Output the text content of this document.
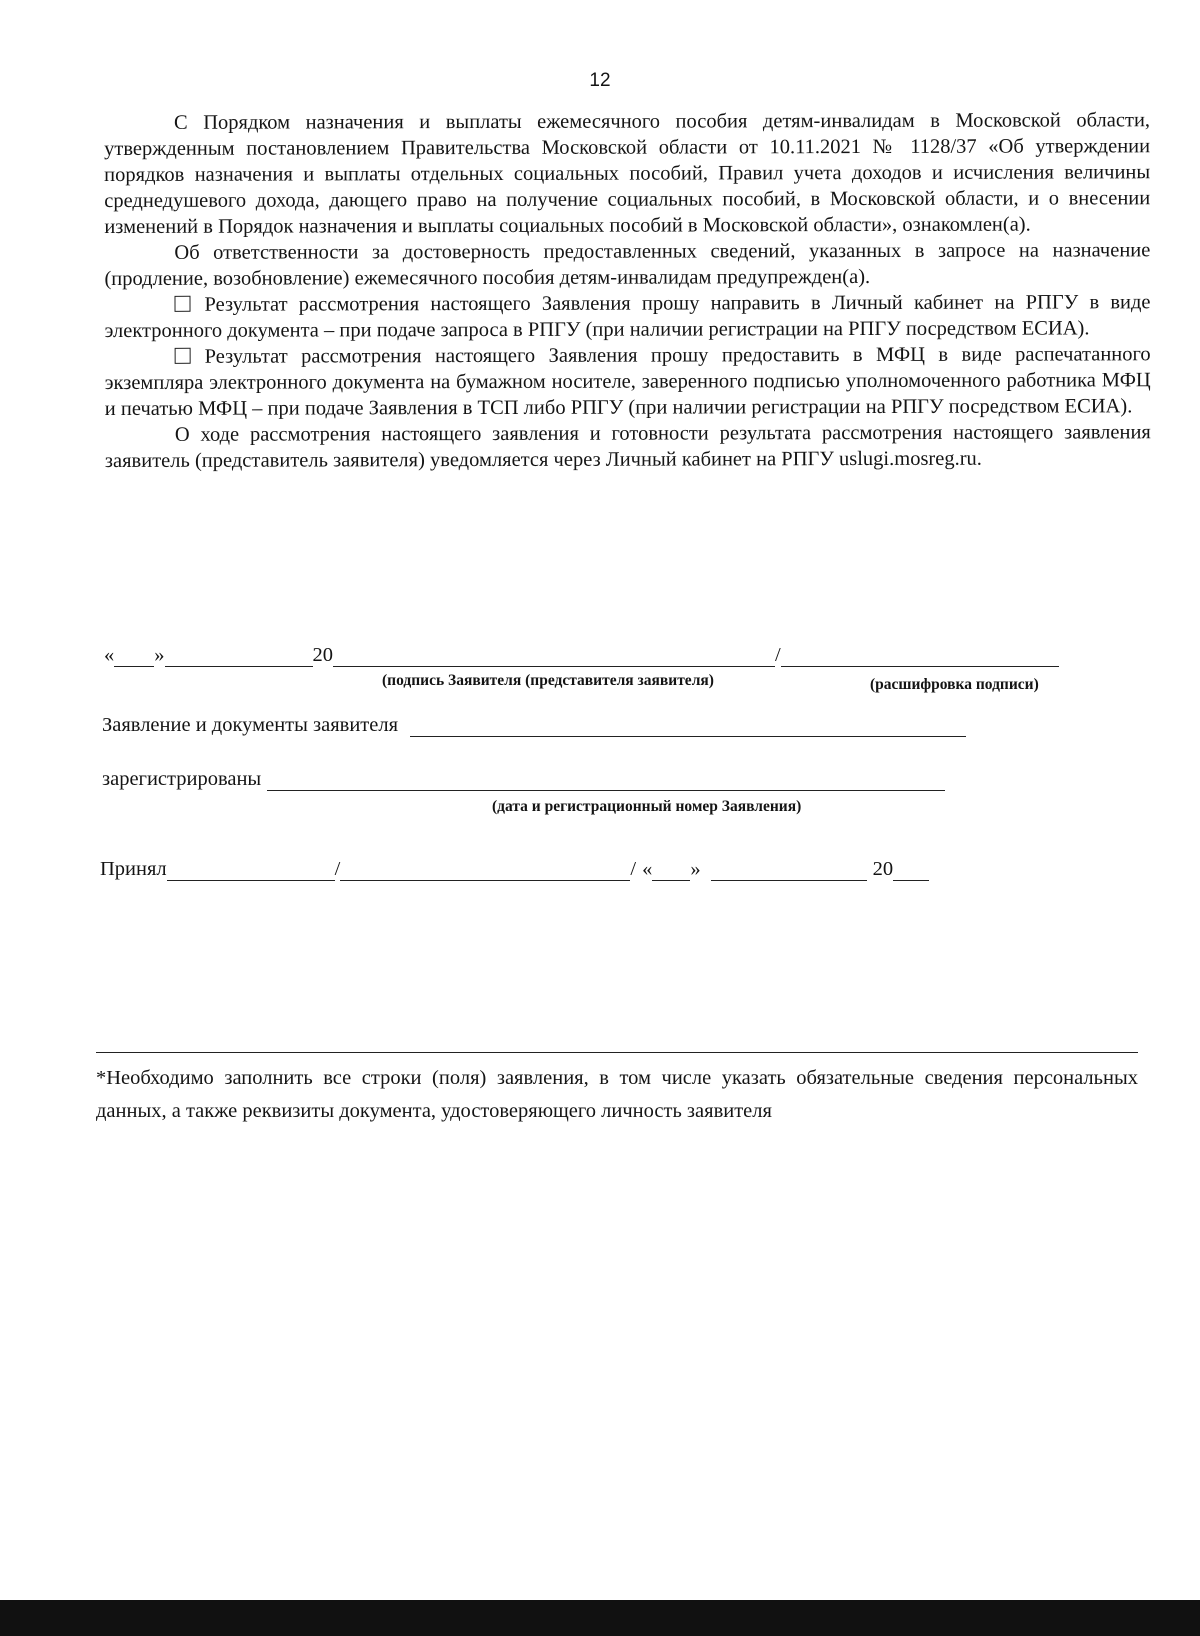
12

С Порядком назначения и выплаты ежемесячного пособия детям-инвалидам в Московской области, утвержденным постановлением Правительства Московской области от 10.11.2021 № 1128/37 «Об утверждении порядков назначения и выплаты отдельных социальных пособий, Правил учета доходов и исчисления величины среднедушевого дохода, дающего право на получение социальных пособий, в Московской области, и о внесении изменений в Порядок назначения и выплаты социальных пособий в Московской области», ознакомлен(а).

Об ответственности за достоверность предоставленных сведений, указанных в запросе на назначение (продление, возобновление) ежемесячного пособия детям-инвалидам предупрежден(а).

Результат рассмотрения настоящего Заявления прошу направить в Личный кабинет на РПГУ в виде электронного документа – при подаче запроса в РПГУ (при наличии регистрации на РПГУ посредством ЕСИА).

Результат рассмотрения настоящего Заявления прошу предоставить в МФЦ в виде распечатанного экземпляра электронного документа на бумажном носителе, заверенного подписью уполномоченного работника МФЦ и печатью МФЦ – при подаче Заявления в ТСП либо РПГУ (при наличии регистрации на РПГУ посредством ЕСИА).

О ходе рассмотрения настоящего заявления и готовности результата рассмотрения настоящего заявления заявитель (представитель заявителя) уведомляется через Личный кабинет на РПГУ uslugi.mosreg.ru.

« »	20	/
(подпись Заявителя (представителя заявителя)	(расшифровка подписи)
Заявление и документы заявителя
зарегистрированы
(дата и регистрационный номер Заявления)
Принял	/	/ « »	20
*Необходимо заполнить все строки (поля) заявления, в том числе указать обязательные сведения персональных данных, а также реквизиты документа, удостоверяющего личность заявителя
